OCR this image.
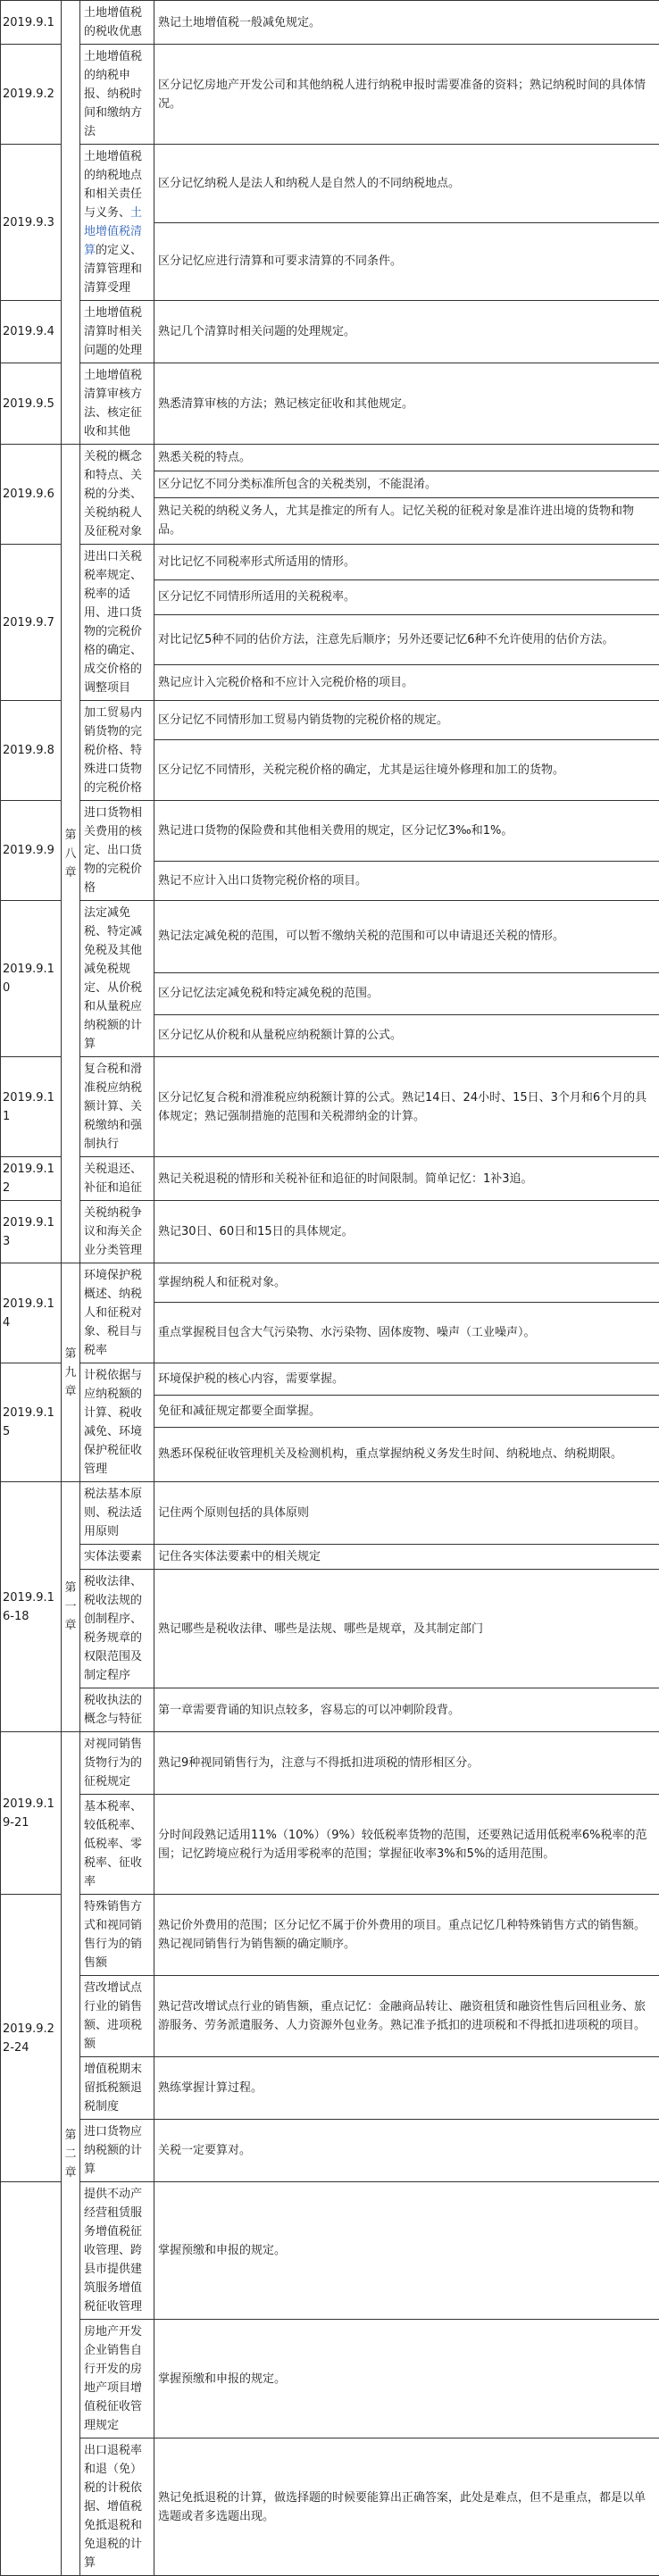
2019.9.1		土地增值税的税收优惠	熟记土地增值税一般减免规定。
2019.9.2		土地增值税的纳税申报、纳税时间和缴纳方法	区分记忆房地产开发公司和其他纳税人进行纳税申报时需要准备的资料；熟记纳税时间的具体情况。
2019.9.3		土地增值税的纳税地点和相关责任与义务、土地增值税清算的定义、清算管理和清算受理	区分记忆纳税人是法人和纳税人是自然人的不同纳税地点。
			区分记忆应进行清算和可要求清算的不同条件。
2019.9.4		土地增值税清算时相关问题的处理	熟记几个清算时相关问题的处理规定。
2019.9.5		土地增值税清算审核方法、核定征收和其他	熟悉清算审核的方法；熟记核定征收和其他规定。
2019.9.6	第八章	关税的概念和特点、关税的分类、关税纳税人及征税对象	熟悉关税的特点。
			区分记忆不同分类标准所包含的关税类别，不能混淆。
			熟记关税的纳税义务人，尤其是推定的所有人。记忆关税的征税对象是准许进出境的货物和物品。
2019.9.7		进出口关税税率规定、税率的适用、进口货物的完税价格的确定、成交价格的调整项目	对比记忆不同税率形式所适用的情形。
			区分记忆不同情形所适用的关税税率。
			对比记忆5种不同的估价方法，注意先后顺序；另外还要记忆6种不允许使用的估价方法。
			熟记应计入完税价格和不应计入完税价格的项目。
2019.9.8		加工贸易内销货物的完税价格、特殊进口货物的完税价格	区分记忆不同情形加工贸易内销货物的完税价格的规定。
			区分记忆不同情形，关税完税价格的确定，尤其是运往境外修理和加工的货物。
2019.9.9		进口货物相关费用的核定、出口货物的完税价格	熟记进口货物的保险费和其他相关费用的规定，区分记忆3‰和1%。
			熟记不应计入出口货物完税价格的项目。
2019.9.10		法定减免税、特定减免税及其他减免税规定、从价税和从量税应纳税额的计算	熟记法定减免税的范围，可以暂不缴纳关税的范围和可以申请退还关税的情形。
			区分记忆法定减免税和特定减免税的范围。
			区分记忆从价税和从量税应纳税额计算的公式。
2019.9.11		复合税和滑准税应纳税额计算、关税缴纳和强制执行	区分记忆复合税和滑准税应纳税额计算的公式。熟记14日、24小时、15日、3个月和6个月的具体规定；熟记强制措施的范围和关税滞纳金的计算。
2019.9.12		关税退还、补征和追征	熟记关税退税的情形和关税补征和追征的时间限制。简单记忆：1补3追。
2019.9.13		关税纳税争议和海关企业分类管理	熟记30日、60日和15日的具体规定。
2019.9.14	第九章	环境保护税概述、纳税人和征税对象、税目与税率	掌握纳税人和征税对象。
			重点掌握税目包含大气污染物、水污染物、固体废物、噪声（工业噪声）。
2019.9.15		计税依据与应纳税额的计算、税收减免、环境保护税征收管理	环境保护税的核心内容，需要掌握。
			免征和减征规定都要全面掌握。
			熟悉环保税征收管理机关及检测机构，重点掌握纳税义务发生时间、纳税地点、纳税期限。
2019.9.16-18	第一章	税法基本原则、税法适用原则	记住两个原则包括的具体原则
		实体法要素	记住各实体法要素中的相关规定
		税收法律、税收法规的创制程序、税务规章的权限范围及制定程序	熟记哪些是税收法律、哪些是法规、哪些是规章，及其制定部门
		税收执法的概念与特征	第一章需要背诵的知识点较多，容易忘的可以冲刺阶段背。
2019.9.19-21	第二章	对视同销售货物行为的征税规定	熟记9种视同销售行为，注意与不得抵扣进项税的情形相区分。
		基本税率、较低税率、低税率、零税率、征收率	分时间段熟记适用11%（10%）（9%）较低税率货物的范围，还要熟记适用低税率6%税率的范围；记忆跨境应税行为适用零税率的范围；掌握征收率3%和5%的适用范围。
2019.9.22-24		特殊销售方式和视同销售行为的销售额	熟记价外费用的范围；区分记忆不属于价外费用的项目。重点记忆几种特殊销售方式的销售额。熟记视同销售行为销售额的确定顺序。
		营改增试点行业的销售额、进项税额	熟记营改增试点行业的销售额，重点记忆：金融商品转让、融资租赁和融资性售后回租业务、旅游服务、劳务派遣服务、人力资源外包业务。熟记准予抵扣的进项税和不得抵扣进项税的项目。
		增值税期末留抵税额退税制度	熟练掌握计算过程。
		进口货物应纳税额的计算	关税一定要算对。
		提供不动产经营租赁服务增值税征收管理、跨县市提供建筑服务增值税征收管理	掌握预缴和申报的规定。
		房地产开发企业销售自行开发的房地产项目增值税征收管理规定	掌握预缴和申报的规定。
		出口退税率和退（免）税的计税依据、增值税免抵退税和免退税的计算	熟记免抵退税的计算，做选择题的时候要能算出正确答案，此处是难点，但不是重点，都是以单选题或者多选题出现。
